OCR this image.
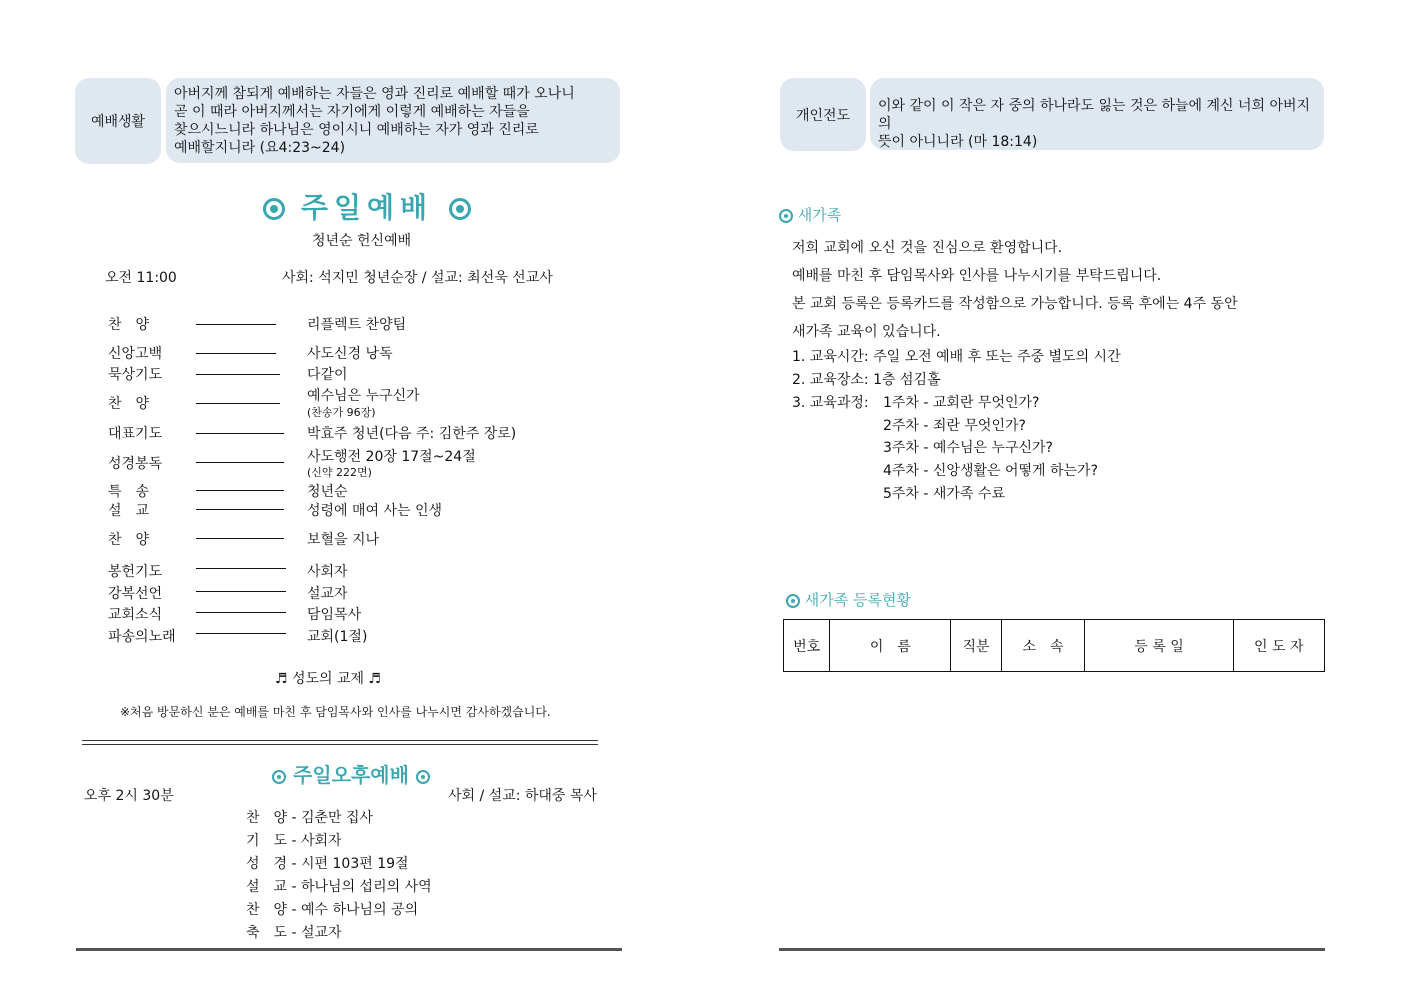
예배생활
아버지께 참되게 예배하는 자들은 영과 진리로 예배할 때가 오나니
곧 이 때라 아버지께서는 자기에게 이렇게 예배하는 자들을
찾으시느니라 하나님은 영이시니 예배하는 자가 영과 진리로
예배할지니라 (요4:23~24)
주일예배
청년순 헌신예배
오전 11:00	사회: 석지민 청년순장 / 설교: 최선욱 선교사
찬　양	리플렉트 찬양팀
신앙고백	사도신경 낭독
묵상기도	다같이
찬　양	예수님은 누구신가
(찬송가 96장)
대표기도	박효주 청년(다음 주: 김한주 장로)
성경봉독	사도행전 20장 17절~24절
(신약 222면)
특　송	청년순
설　교	성령에 매여 사는 인생
찬　양	보혈을 지나
봉헌기도	사회자
강복선언	설교자
교회소식	담임목사
파송의노래	교회(1절)
♬ 성도의 교제 ♬
※처음 방문하신 분은 예배를 마친 후 담임목사와 인사를 나누시면 감사하겠습니다.
주일오후예배
오후 2시 30분	사회 / 설교: 하대중 목사
찬　양 - 김춘만 집사
기　도 - 사회자
성　경 - 시편 103편 19절
설　교 - 하나님의 섭리의 사역
찬　양 - 예수 하나님의 공의
축　도 - 설교자
개인전도
이와 같이 이 작은 자 중의 하나라도 잃는 것은 하늘에 계신 너희 아버지의
뜻이 아니니라 (마 18:14)
새가족
저희 교회에 오신 것을 진심으로 환영합니다.
예배를 마친 후 담임목사와 인사를 나누시기를 부탁드립니다.
본 교회 등록은 등록카드를 작성함으로 가능합니다. 등록 후에는 4주 동안
새가족 교육이 있습니다.
1. 교육시간: 주일 오전 예배 후 또는 주중 별도의 시간
2. 교육장소: 1층 섬김홀
3. 교육과정: 1주차 - 교회란 무엇인가?
2주차 - 죄란 무엇인가?
3주차 - 예수님은 누구신가?
4주차 - 신앙생활은 어떻게 하는가?
5주차 - 새가족 수료
새가족 등록현황
번호	이　름	직분	소　속	등 록 일	인 도 자
